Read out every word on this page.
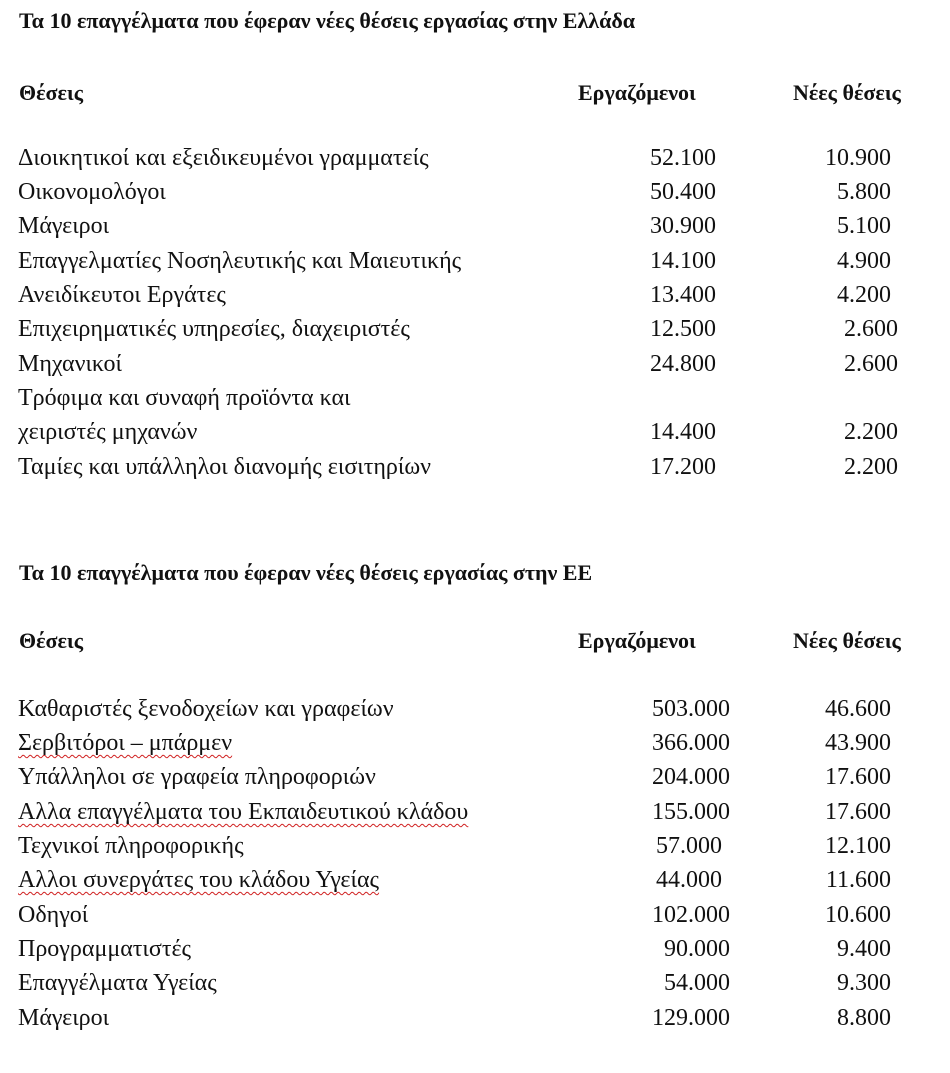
Τα 10 επαγγέλματα που έφεραν νέες θέσεις εργασίας στην Ελλάδα
Θέσεις	Εργαζόμενοι	Νέες θέσεις
Διοικητικοί και εξειδικευμένοι γραμματείς	52.100	10.900
Οικονομολόγοι	50.400	5.800
Μάγειροι	30.900	5.100
Επαγγελματίες Νοσηλευτικής και Μαιευτικής	14.100	4.900
Ανειδίκευτοι Εργάτες	13.400	4.200
Επιχειρηματικές υπηρεσίες, διαχειριστές	12.500	2.600
Μηχανικοί	24.800	2.600
Τρόφιμα και συναφή προϊόντα και
χειριστές μηχανών	14.400	2.200
Ταμίες και υπάλληλοι διανομής εισιτηρίων	17.200	2.200
Τα 10 επαγγέλματα που έφεραν νέες θέσεις εργασίας στην ΕΕ
Θέσεις	Εργαζόμενοι	Νέες θέσεις
Καθαριστές ξενοδοχείων και γραφείων	503.000	46.600
Σερβιτόροι – μπάρμεν	366.000	43.900
Υπάλληλοι σε γραφεία πληροφοριών	204.000	17.600
Αλλα επαγγέλματα του Εκπαιδευτικού κλάδου	155.000	17.600
Τεχνικοί πληροφορικής	57.000	12.100
Αλλοι συνεργάτες του κλάδου Υγείας	44.000	11.600
Οδηγοί	102.000	10.600
Προγραμματιστές	90.000	9.400
Επαγγέλματα Υγείας	54.000	9.300
Μάγειροι	129.000	8.800
